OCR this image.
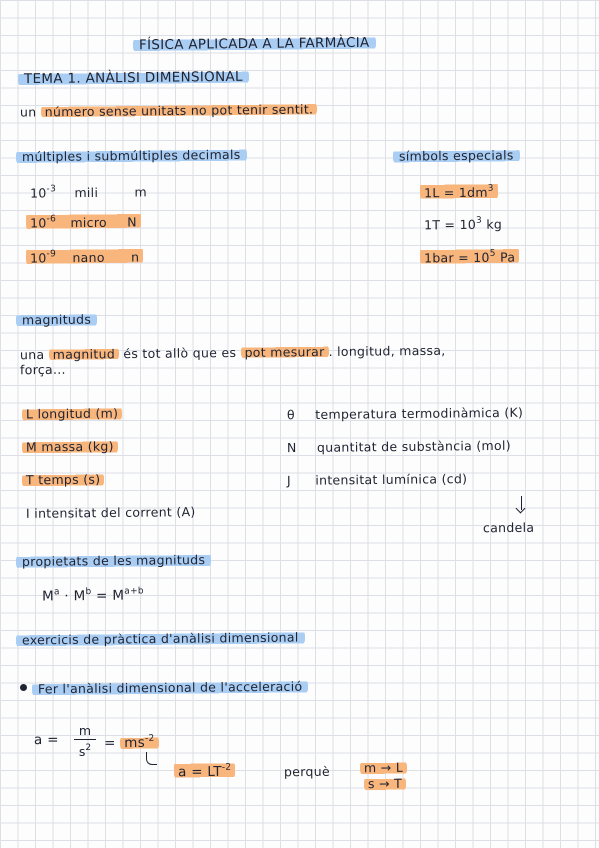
FÍSICA APLICADA A LA FARMÀCIA
TEMA 1. ANÀLISI DIMENSIONAL
un número sense unitats no pot tenir sentit.
múltiples i submúltiples decimals
$10^{-3}$ mili	m
$10^{-6}$ micro N
$10^{-9}$ nano n
símbols especials
$1L = 1dm^3$
$1T = 10^3$ kg
$1bar = 10^5$ Pa
magnituds
una magnitud és tot allò que es pot mesurar . longitud, massa,
força...
L longitud (m)
M massa (kg)
T temps (s)
I intensitat del corrent (A)
θ temperatura termodinàmica (K)
N quantitat de substància (mol)
J intensitat lumínica (cd)
candela
propietats de les magnituds
$M^a \cdot M^b = M^{a+b}$
exercicis de pràctica d'anàlisi dimensional
Fer l'anàlisi dimensional de l'acceleració
a =
m
$s^2 = ms^{-2}$
$a = LT^{-2}$	perquè	m → L
s → T
